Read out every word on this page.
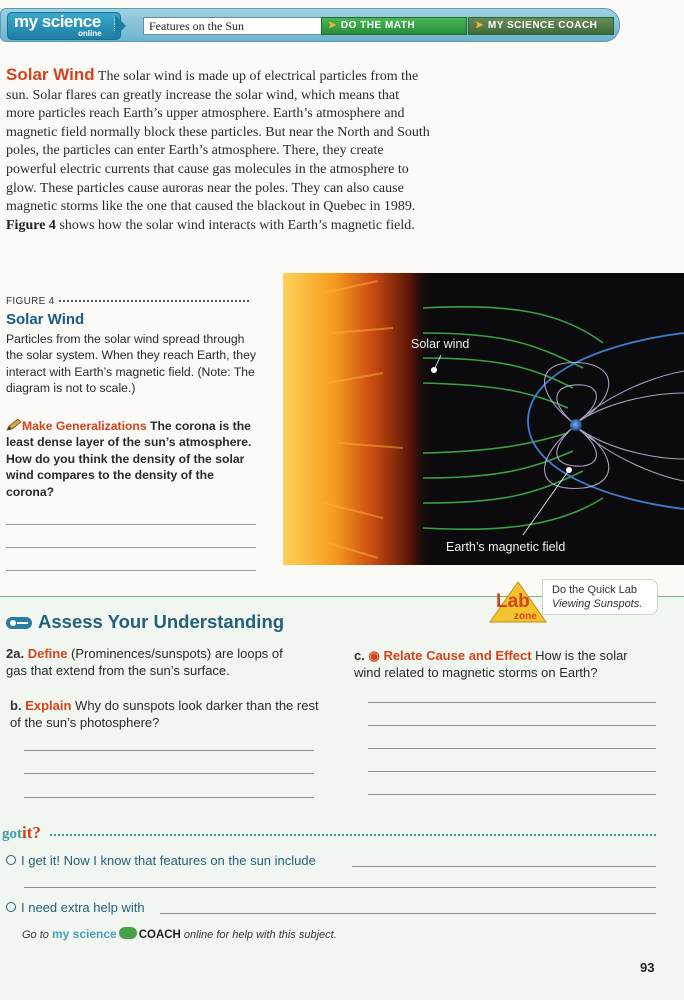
my science
online
.com	Features on the Sun	➤ DO THE MATH	➤ MY SCIENCE COACH
Solar Wind The solar wind is made up of electrical particles from the sun. Solar flares can greatly increase the solar wind, which means that more particles reach Earth’s upper atmosphere. Earth’s atmosphere and magnetic field normally block these particles. But near the North and South poles, the particles can enter Earth’s atmosphere. There, they create powerful electric currents that cause gas molecules in the atmosphere to glow. These particles cause auroras near the poles. They can also cause magnetic storms like the one that caused the blackout in Quebec in 1989. Figure 4 shows how the solar wind interacts with Earth’s magnetic field.
FIGURE 4
Solar Wind
Particles from the solar wind spread through the solar system. When they reach Earth, they interact with Earth’s magnetic field. (Note: The diagram is not to scale.)
Make Generalizations The corona is the least dense layer of the sun’s atmosphere. How do you think the density of the solar wind compares to the density of the corona?
Solar wind
Earth’s magnetic field
Lab
zone
Do the Quick Lab
Viewing Sunspots.
Assess Your Understanding
2a. Define (Prominences/sunspots) are loops of gas that extend from the sun’s surface.
b. Explain Why do sunspots look darker than the rest of the sun’s photosphere?
c. ◉ Relate Cause and Effect How is the solar wind related to magnetic storms on Earth?
gotit?
I get it! Now I know that features on the sun include
I need extra help with
Go to my science COACH online for help with this subject.
93
